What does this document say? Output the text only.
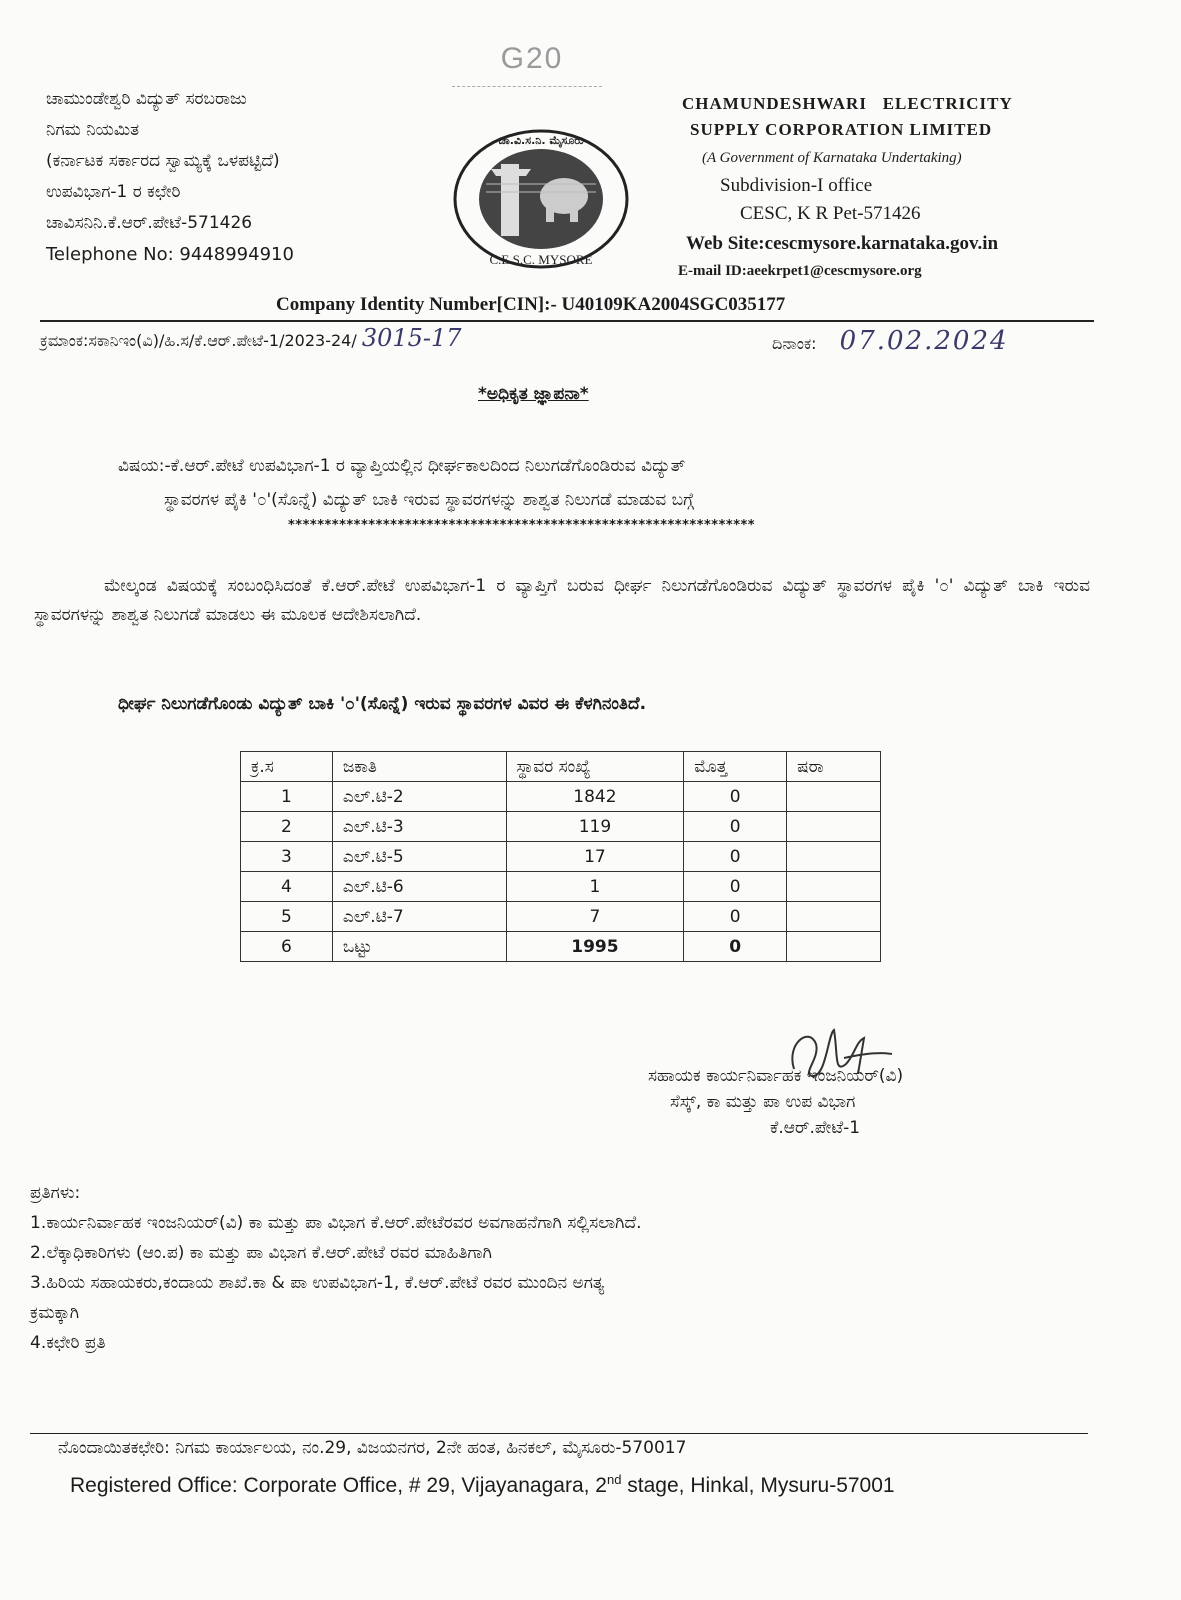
ಚಾಮುಂಡೇಶ್ವರಿ ವಿದ್ಯುತ್ ಸರಬರಾಜು
ನಿಗಮ ನಿಯಮಿತ
(ಕರ್ನಾಟಕ ಸರ್ಕಾರದ ಸ್ವಾಮ್ಯಕ್ಕೆ ಒಳಪಟ್ಟಿದೆ)
ಉಪವಿಭಾಗ-1 ರ ಕಛೇರಿ
ಚಾವಿಸನಿನಿ.ಕೆ.ಆರ್.ಪೇಟೆ-571426
Telephone No: 9448994910
G20
ಚಾ.ವಿ.ಸ.ನಿ. ಮೈಸೂರು
C.E.S.C. MYSORE
CHAMUNDESHWARI   ELECTRICITY
SUPPLY CORPORATION LIMITED
(A Government of Karnataka Undertaking)
Subdivision-I office
CESC, K R Pet-571426
Web Site:cescmysore.karnataka.gov.in
E-mail ID:aeekrpet1@cescmysore.org
Company Identity Number[CIN]:- U40109KA2004SGC035177
ಕ್ರಮಾಂಕ:ಸಕಾನಿಇಂ(ವಿ)/ಹಿ.ಸ/ಕೆ.ಆರ್.ಪೇಟೆ-1/2023-24/ 3015-17	ದಿನಾಂಕ: 07.02.2024
*ಅಧಿಕೃತ ಜ್ಞಾಪನಾ*
ವಿಷಯ:-ಕೆ.ಆರ್.ಪೇಟೆ ಉಪವಿಭಾಗ-1 ರ ವ್ಯಾಪ್ತಿಯಲ್ಲಿನ ಧೀರ್ಘಕಾಲದಿಂದ ನಿಲುಗಡೆಗೊಂಡಿರುವ ವಿದ್ಯುತ್
ಸ್ಥಾವರಗಳ ಪೈಕಿ '೦'(ಸೊನ್ನೆ) ವಿದ್ಯುತ್ ಬಾಕಿ ಇರುವ ಸ್ಥಾವರಗಳನ್ನು ಶಾಶ್ವತ ನಿಲುಗಡೆ ಮಾಡುವ ಬಗ್ಗೆ
****************************************************************
ಮೇಲ್ಕಂಡ ವಿಷಯಕ್ಕೆ ಸಂಬಂಧಿಸಿದಂತೆ ಕೆ.ಆರ್.ಪೇಟೆ ಉಪವಿಭಾಗ-1 ರ ವ್ಯಾಪ್ತಿಗೆ ಬರುವ ಧೀರ್ಘ ನಿಲುಗಡೆಗೊಂಡಿರುವ ವಿದ್ಯುತ್ ಸ್ಥಾವರಗಳ ಪೈಕಿ '೦' ವಿದ್ಯುತ್ ಬಾಕಿ ಇರುವ ಸ್ಥಾವರಗಳನ್ನು ಶಾಶ್ವತ ನಿಲುಗಡೆ ಮಾಡಲು ಈ ಮೂಲಕ ಆದೇಶಿಸಲಾಗಿದೆ.
ಧೀರ್ಘ ನಿಲುಗಡೆಗೊಂಡು ವಿದ್ಯುತ್ ಬಾಕಿ '೦'(ಸೊನ್ನೆ) ಇರುವ ಸ್ಥಾವರಗಳ ವಿವರ ಈ ಕೆಳಗಿನಂತಿದೆ.
ಕ್ರ.ಸ	ಜಕಾತಿ	ಸ್ಥಾವರ ಸಂಖ್ಯೆ	ಮೊತ್ತ	ಷರಾ
1	ಎಲ್.ಟಿ-2	1842	0	
2	ಎಲ್.ಟಿ-3	119	0	
3	ಎಲ್.ಟಿ-5	17	0	
4	ಎಲ್.ಟಿ-6	1	0	
5	ಎಲ್.ಟಿ-7	7	0	
6	ಒಟ್ಟು	1995	0	
ಸಹಾಯಕ ಕಾರ್ಯನಿರ್ವಾಹಕ ಇಂಜನಿಯರ್(ವಿ)
ಸೆಸ್ಕ್, ಕಾ ಮತ್ತು ಪಾ ಉಪ ವಿಭಾಗ
ಕೆ.ಆರ್.ಪೇಟೆ-1
ಪ್ರತಿಗಳು:
1.ಕಾರ್ಯನಿರ್ವಾಹಕ ಇಂಜನಿಯರ್(ವಿ) ಕಾ ಮತ್ತು ಪಾ ವಿಭಾಗ ಕೆ.ಆರ್.ಪೇಟೆರವರ ಅವಗಾಹನೆಗಾಗಿ ಸಲ್ಲಿಸಲಾಗಿದೆ.
2.ಲೆಕ್ಕಾಧಿಕಾರಿಗಳು (ಆಂ.ಪ) ಕಾ ಮತ್ತು ಪಾ ವಿಭಾಗ ಕೆ.ಆರ್.ಪೇಟೆ ರವರ ಮಾಹಿತಿಗಾಗಿ
3.ಹಿರಿಯ ಸಹಾಯಕರು,ಕಂದಾಯ ಶಾಖೆ.ಕಾ & ಪಾ ಉಪವಿಭಾಗ-1, ಕೆ.ಆರ್.ಪೇಟೆ ರವರ ಮುಂದಿನ ಅಗತ್ಯ
ಕ್ರಮಕ್ಕಾಗಿ
4.ಕಛೇರಿ ಪ್ರತಿ
ನೊಂದಾಯಿತಕಛೇರಿ: ನಿಗಮ ಕಾರ್ಯಾಲಯ, ನಂ.29, ವಿಜಯನಗರ, 2ನೇ ಹಂತ, ಹಿನಕಲ್, ಮೈಸೂರು-570017
Registered Office: Corporate Office, # 29, Vijayanagara, 2nd stage, Hinkal, Mysuru-57001
